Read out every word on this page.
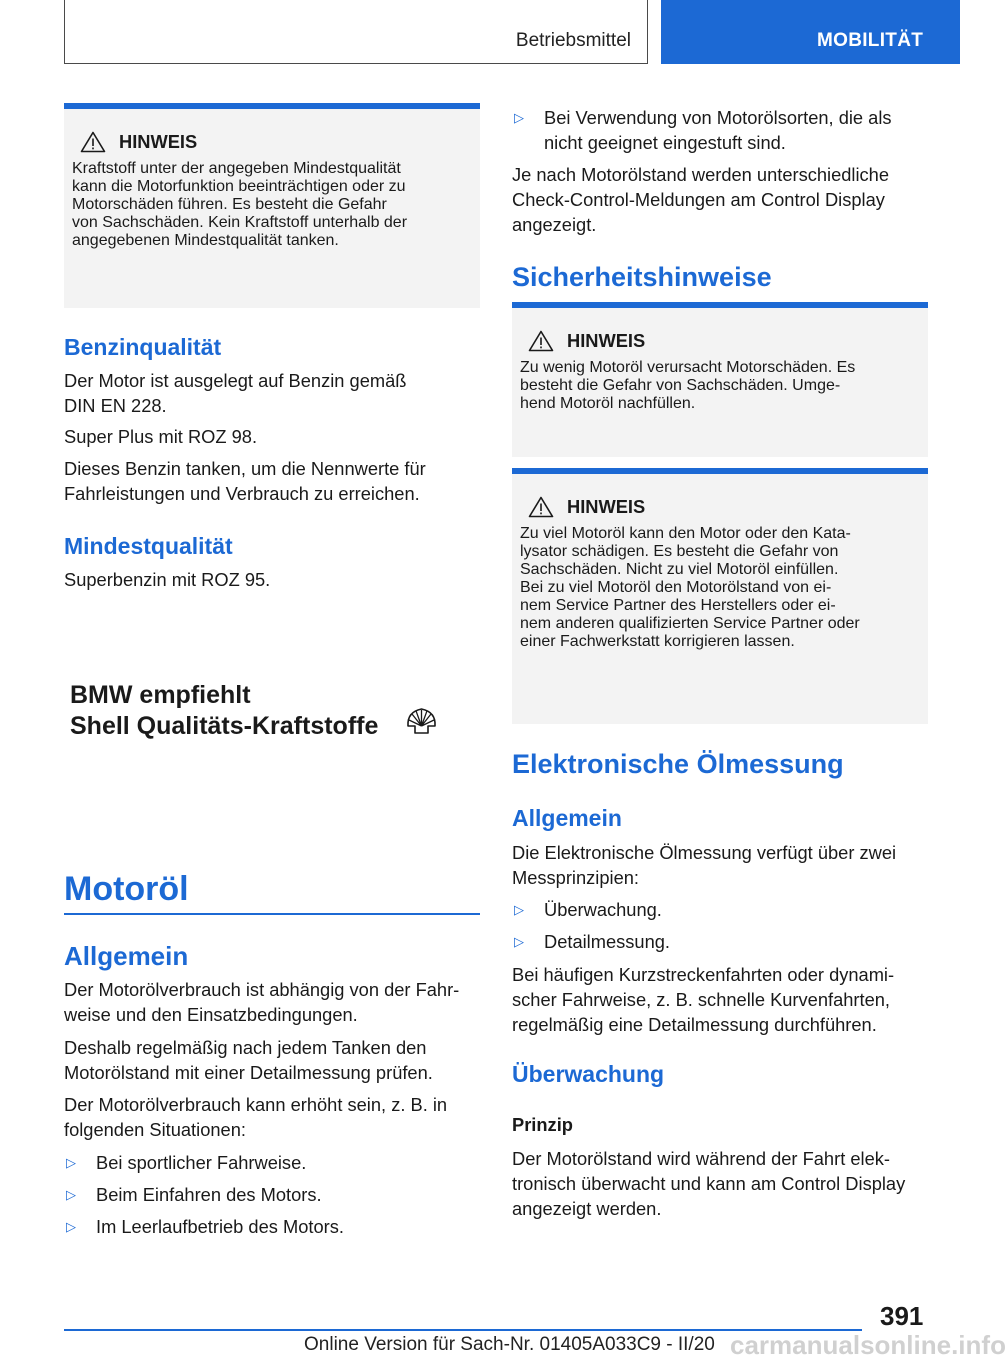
Betriebsmittel	MOBILITÄT
HINWEIS

Kraftstoff unter der angegeben Mindestqualität

kann die Motorfunktion beeinträchtigen oder zu

Motorschäden führen. Es besteht die Gefahr

von Sachschäden. Kein Kraftstoff unterhalb der

angegebenen Mindestqualität tanken.

Benzinqualität

Der Motor ist ausgelegt auf Benzin gemäß

DIN EN 228.

Super Plus mit ROZ 98.

Dieses Benzin tanken, um die Nennwerte für

Fahrleistungen und Verbrauch zu erreichen.

Mindestqualität

Superbenzin mit ROZ 95.

BMW empfiehlt
Shell Qualitäts-Kraftstoffe
Motoröl
Allgemein

Der Motorölverbrauch ist abhängig von der Fahr-

weise und den Einsatzbedingungen.

Deshalb regelmäßig nach jedem Tanken den

Motorölstand mit einer Detailmessung prüfen.

Der Motorölverbrauch kann erhöht sein, z. B. in

folgenden Situationen:

▷	Bei sportlicher Fahrweise.
▷	Beim Einfahren des Motors.
▷	Im Leerlaufbetrieb des Motors.
▷	Bei Verwendung von Motorölsorten, die als

nicht geeignet eingestuft sind.

Je nach Motorölstand werden unterschiedliche

Check-Control-Meldungen am Control Display

angezeigt.

Sicherheitshinweise
HINWEIS

Zu wenig Motoröl verursacht Motorschäden. Es

besteht die Gefahr von Sachschäden. Umge-

hend Motoröl nachfüllen.

HINWEIS

Zu viel Motoröl kann den Motor oder den Kata-

lysator schädigen. Es besteht die Gefahr von

Sachschäden. Nicht zu viel Motoröl einfüllen.

Bei zu viel Motoröl den Motorölstand von ei-

nem Service Partner des Herstellers oder ei-

nem anderen qualifizierten Service Partner oder

einer Fachwerkstatt korrigieren lassen.

Elektronische Ölmessung
Allgemein

Die Elektronische Ölmessung verfügt über zwei

Messprinzipien:

▷	Überwachung.
▷	Detailmessung.

Bei häufigen Kurzstreckenfahrten oder dynami-

scher Fahrweise, z. B. schnelle Kurvenfahrten,

regelmäßig eine Detailmessung durchführen.

Überwachung
Prinzip

Der Motorölstand wird während der Fahrt elek-

tronisch überwacht und kann am Control Display

angezeigt werden.

391
Online Version für Sach-Nr. 01405A033C9 - II/20 carmanualsonline.info
